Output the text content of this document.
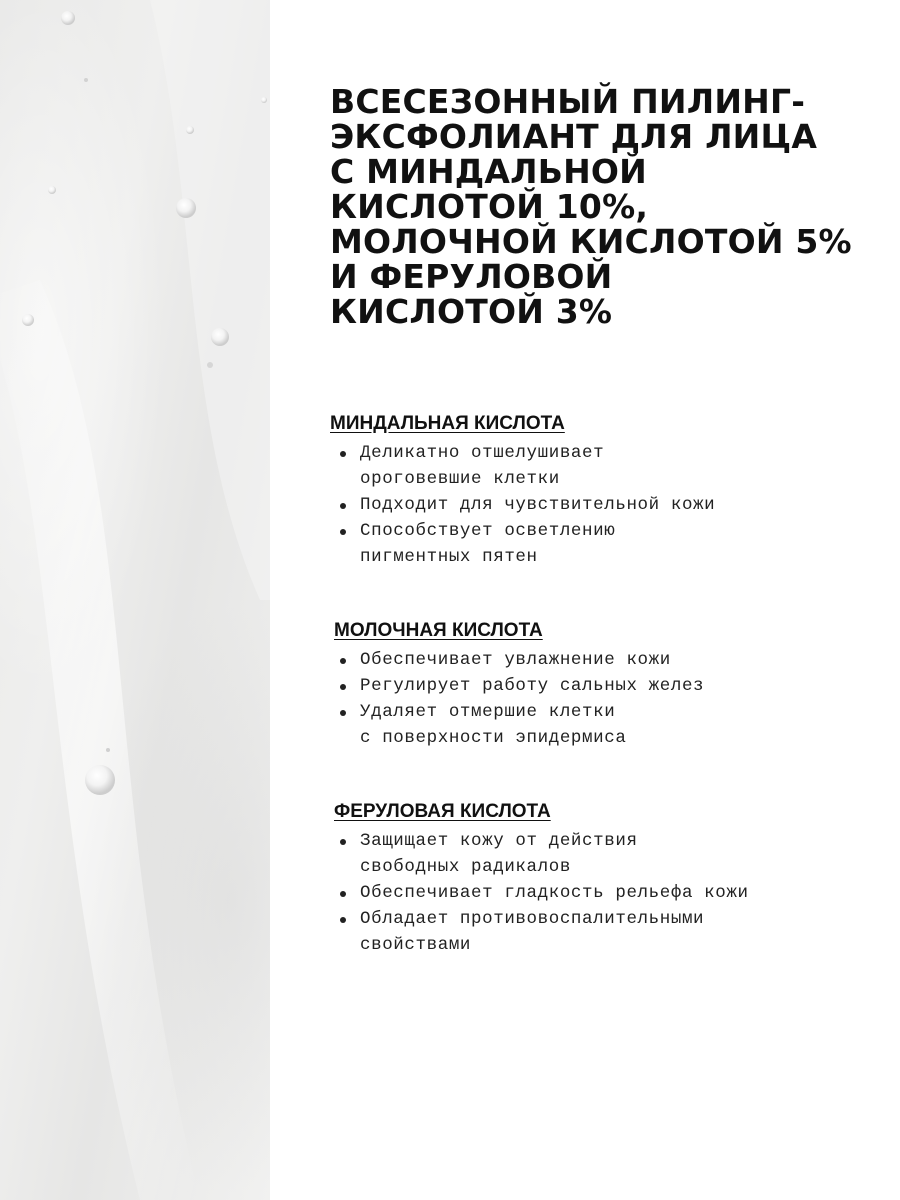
ВСЕСЕЗОННЫЙ ПИЛИНГ-
ЭКСФОЛИАНТ ДЛЯ ЛИЦА
С МИНДАЛЬНОЙ
КИСЛОТОЙ 10%,
МОЛОЧНОЙ КИСЛОТОЙ 5%
И ФЕРУЛОВОЙ
КИСЛОТОЙ 3%
МИНДАЛЬНАЯ КИСЛОТА
Деликатно отшелушивает
ороговевшие клетки
Подходит для чувствительной кожи
Способствует осветлению
пигментных пятен
МОЛОЧНАЯ КИСЛОТА
Обеспечивает увлажнение кожи
Регулирует работу сальных желез
Удаляет отмершие клетки
с поверхности эпидермиса
ФЕРУЛОВАЯ КИСЛОТА
Защищает кожу от действия
свободных радикалов
Обеспечивает гладкость рельефа кожи
Обладает противовоспалительными
свойствами
